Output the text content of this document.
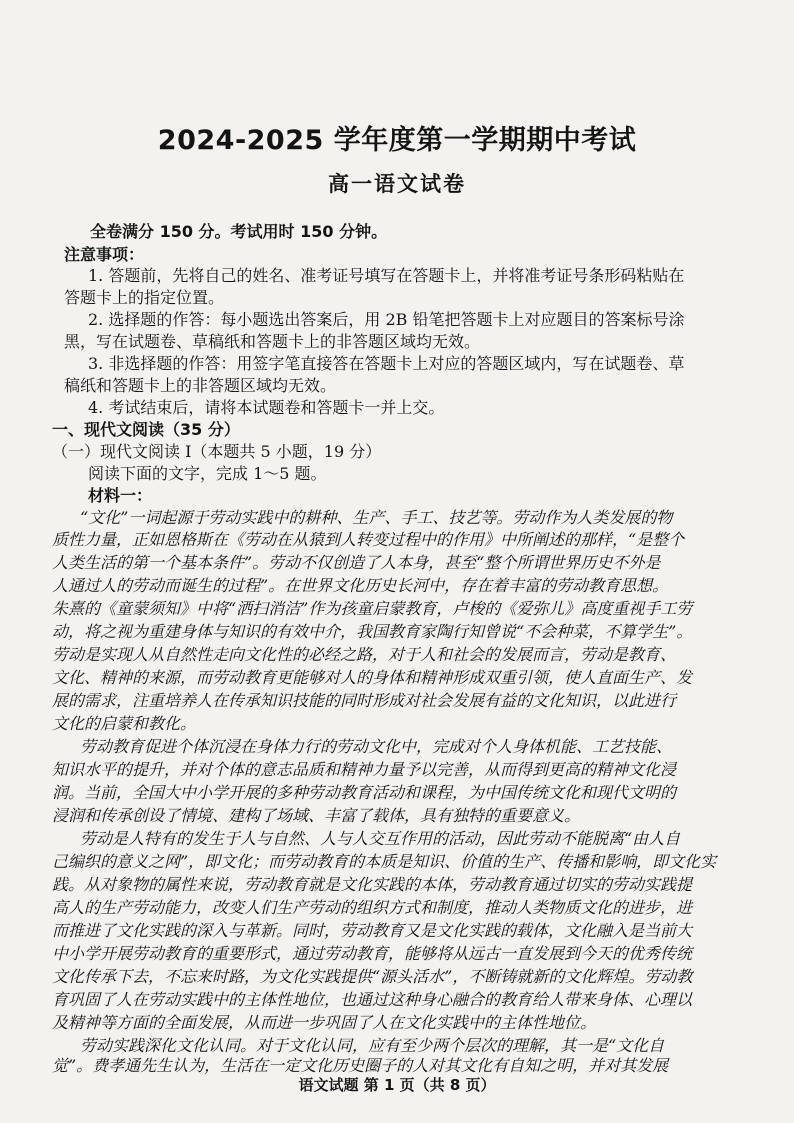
2024-2025 学年度第一学期期中考试
高一语文试卷
全卷满分 150 分。考试用时 150 分钟。
注意事项：
1. 答题前，先将自己的姓名、准考证号填写在答题卡上，并将准考证号条形码粘贴在
答题卡上的指定位置。
2. 选择题的作答：每小题选出答案后，用 2B 铅笔把答题卡上对应题目的答案标号涂
黑，写在试题卷、草稿纸和答题卡上的非答题区域均无效。
3. 非选择题的作答：用签字笔直接答在答题卡上对应的答题区域内，写在试题卷、草
稿纸和答题卡上的非答题区域均无效。
4. 考试结束后，请将本试题卷和答题卡一并上交。
一、现代文阅读（35 分）
（一）现代文阅读 I（本题共 5 小题，19 分）
阅读下面的文字，完成 1～5 题。
材料一：
“文化”一词起源于劳动实践中的耕种、生产、手工、技艺等。劳动作为人类发展的物
质性力量，正如恩格斯在《劳动在从猿到人转变过程中的作用》中所阐述的那样，“是整个
人类生活的第一个基本条件”。劳动不仅创造了人本身，甚至“整个所谓世界历史不外是
人通过人的劳动而诞生的过程”。在世界文化历史长河中，存在着丰富的劳动教育思想。
朱熹的《童蒙须知》中将“洒扫消洁”作为孩童启蒙教育，卢梭的《爱弥儿》高度重视手工劳
动，将之视为重建身体与知识的有效中介，我国教育家陶行知曾说“不会种菜，不算学生”。
劳动是实现人从自然性走向文化性的必经之路，对于人和社会的发展而言，劳动是教育、
文化、精神的来源，而劳动教育更能够对人的身体和精神形成双重引领，使人直面生产、发
展的需求，注重培养人在传承知识技能的同时形成对社会发展有益的文化知识，以此进行
文化的启蒙和教化。
劳动教育促进个体沉浸在身体力行的劳动文化中，完成对个人身体机能、工艺技能、
知识水平的提升，并对个体的意志品质和精神力量予以完善，从而得到更高的精神文化浸
润。当前，全国大中小学开展的多种劳动教育活动和课程，为中国传统文化和现代文明的
浸润和传承创设了情境、建构了场域、丰富了载体，具有独特的重要意义。
劳动是人特有的发生于人与自然、人与人交互作用的活动，因此劳动不能脱离“由人自
己编织的意义之网”，即文化；而劳动教育的本质是知识、价值的生产、传播和影响，即文化实
践。从对象物的属性来说，劳动教育就是文化实践的本体，劳动教育通过切实的劳动实践提
高人的生产劳动能力，改变人们生产劳动的组织方式和制度，推动人类物质文化的进步，进
而推进了文化实践的深入与革新。同时，劳动教育又是文化实践的载体，文化融入是当前大
中小学开展劳动教育的重要形式，通过劳动教育，能够将从远古一直发展到今天的优秀传统
文化传承下去，不忘来时路，为文化实践提供“源头活水”，不断铸就新的文化辉煌。劳动教
育巩固了人在劳动实践中的主体性地位，也通过这种身心融合的教育给人带来身体、心理以
及精神等方面的全面发展，从而进一步巩固了人在文化实践中的主体性地位。
劳动实践深化文化认同。对于文化认同，应有至少两个层次的理解，其一是“文化自
觉”。费孝通先生认为，生活在一定文化历史圈子的人对其文化有自知之明，并对其发展
语文试题 第 1 页（共 8 页）
